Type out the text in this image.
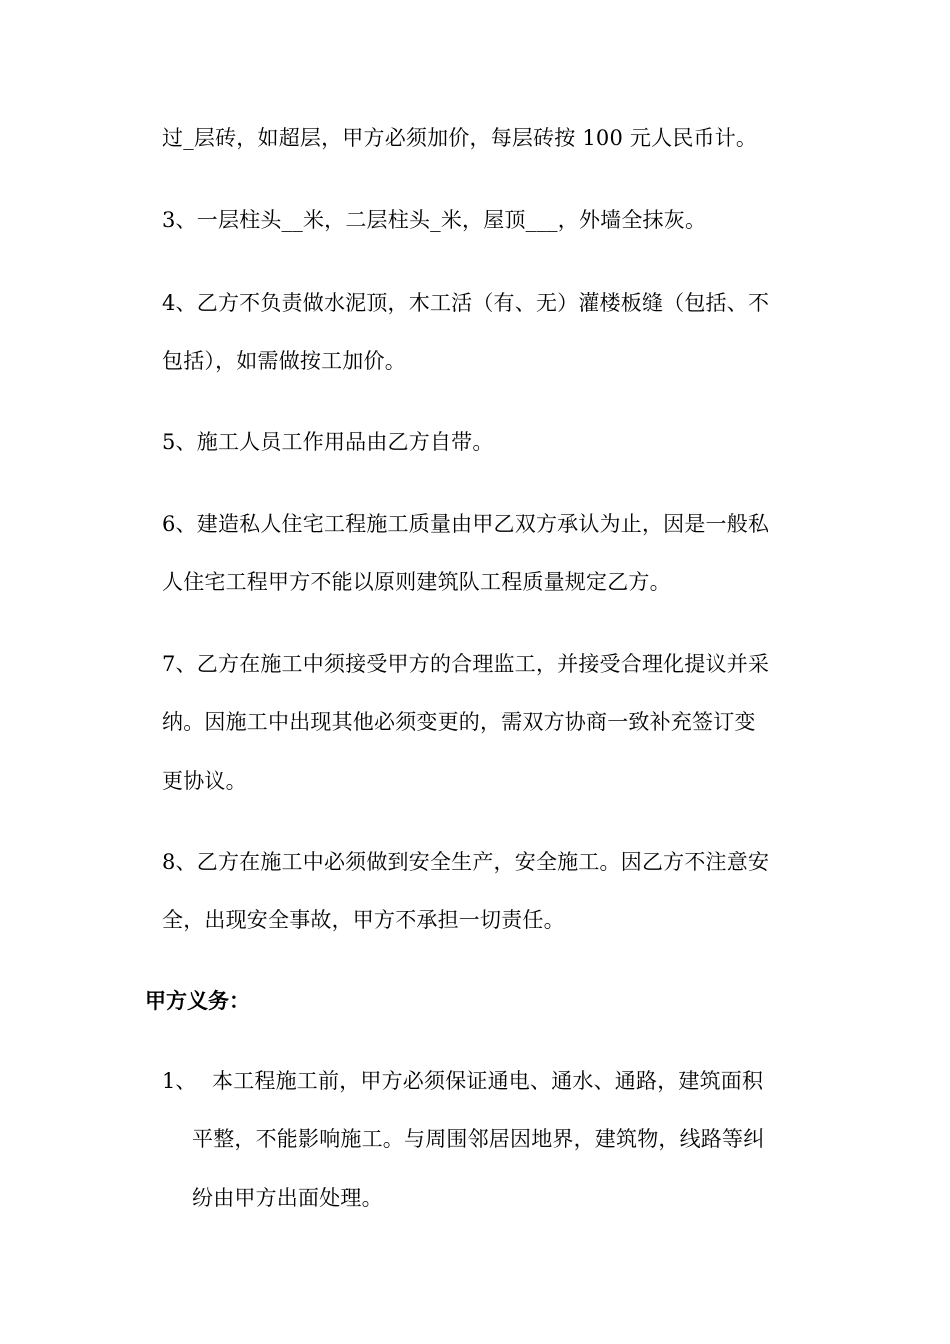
过_层砖，如超层，甲方必须加价，每层砖按 100 元人民币计。
3、一层柱头__米，二层柱头_米，屋顶___，外墙全抹灰。
4、乙方不负责做水泥顶，木工活（有、无）灌楼板缝（包括、不
包括），如需做按工加价。
5、施工人员工作用品由乙方自带。
6、建造私人住宅工程施工质量由甲乙双方承认为止，因是一般私
人住宅工程甲方不能以原则建筑队工程质量规定乙方。
7、乙方在施工中须接受甲方的合理监工，并接受合理化提议并采
纳。因施工中出现其他必须变更的，需双方协商一致补充签订变
更协议。
8、乙方在施工中必须做到安全生产，安全施工。因乙方不注意安
全，出现安全事故，甲方不承担一切责任。
甲方义务：
1、 本工程施工前，甲方必须保证通电、通水、通路，建筑面积
平整，不能影响施工。与周围邻居因地界，建筑物，线路等纠
纷由甲方出面处理。
